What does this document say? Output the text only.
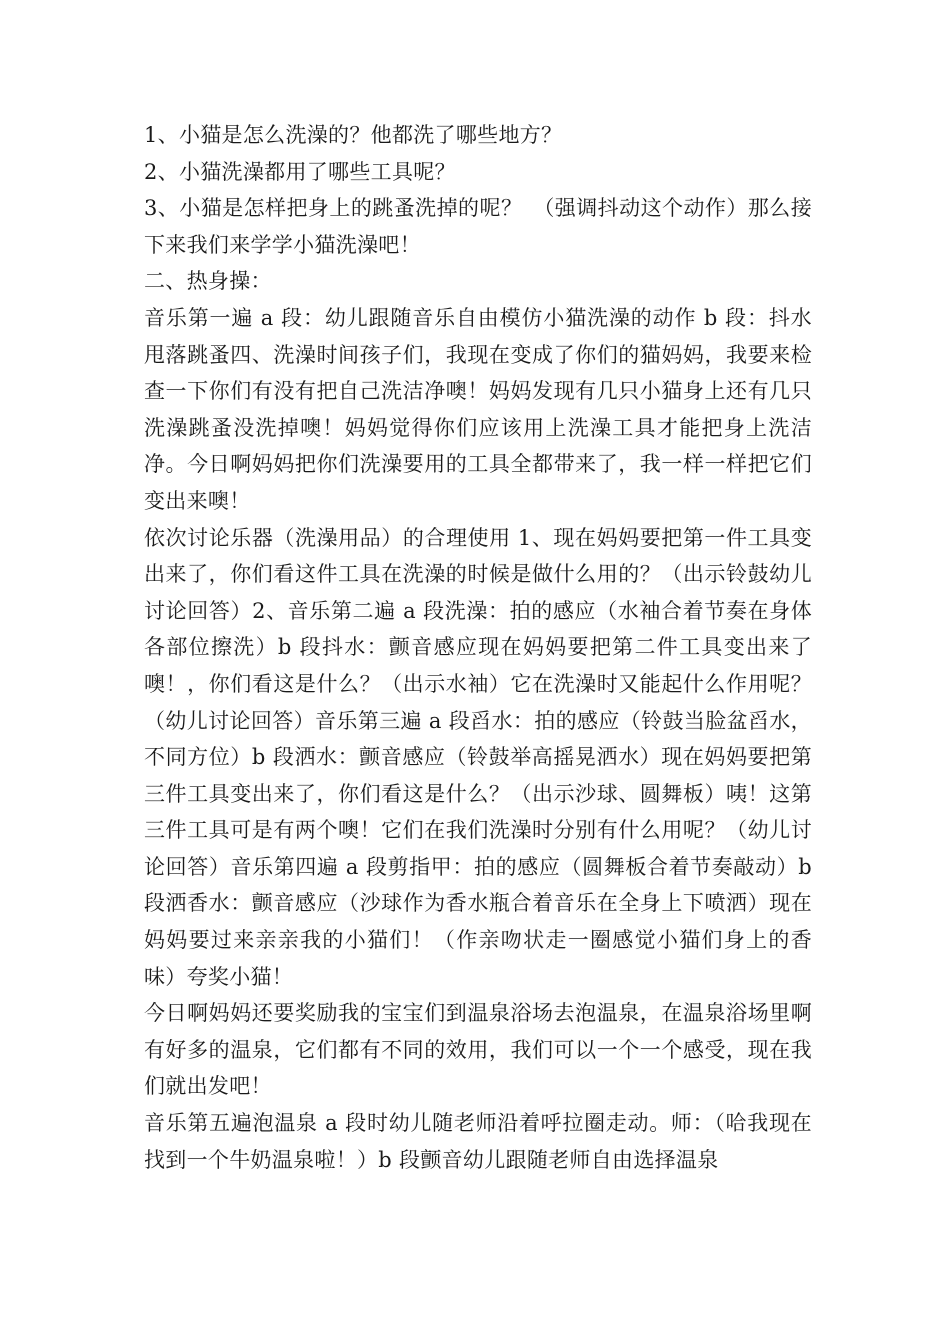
1、小猫是怎么洗澡的？他都洗了哪些地方？

2、小猫洗澡都用了哪些工具呢？

3、小猫是怎样把身上的跳蚤洗掉的呢？　（强调抖动这个动作）那么接下来我们来学学小猫洗澡吧！

二、热身操：

音乐第一遍 a 段：幼儿跟随音乐自由模仿小猫洗澡的动作 b 段：抖水甩落跳蚤四、洗澡时间孩子们，我现在变成了你们的猫妈妈，我要来检查一下你们有没有把自己洗洁净噢！妈妈发现有几只小猫身上还有几只洗澡跳蚤没洗掉噢！妈妈觉得你们应该用上洗澡工具才能把身上洗洁净。今日啊妈妈把你们洗澡要用的工具全都带来了，我一样一样把它们变出来噢！

依次讨论乐器（洗澡用品）的合理使用 1、现在妈妈要把第一件工具变出来了，你们看这件工具在洗澡的时候是做什么用的？（出示铃鼓幼儿讨论回答）2、音乐第二遍 a 段洗澡：拍的感应（水袖合着节奏在身体各部位擦洗）b 段抖水：颤音感应现在妈妈要把第二件工具变出来了噢！，你们看这是什么？（出示水袖）它在洗澡时又能起什么作用呢？（幼儿讨论回答）音乐第三遍 a 段舀水：拍的感应（铃鼓当脸盆舀水，不同方位）b 段洒水：颤音感应（铃鼓举高摇晃洒水）现在妈妈要把第三件工具变出来了，你们看这是什么？（出示沙球、圆舞板）咦！这第三件工具可是有两个噢！它们在我们洗澡时分别有什么用呢？（幼儿讨论回答）音乐第四遍 a 段剪指甲：拍的感应（圆舞板合着节奏敲动）b 段洒香水：颤音感应（沙球作为香水瓶合着音乐在全身上下喷洒）现在妈妈要过来亲亲我的小猫们！（作亲吻状走一圈感觉小猫们身上的香味）夸奖小猫！

今日啊妈妈还要奖励我的宝宝们到温泉浴场去泡温泉，在温泉浴场里啊有好多的温泉，它们都有不同的效用，我们可以一个一个感受，现在我们就出发吧！

音乐第五遍泡温泉 a 段时幼儿随老师沿着呼拉圈走动。师：（哈我现在找到一个牛奶温泉啦！）b 段颤音幼儿跟随老师自由选择温泉
